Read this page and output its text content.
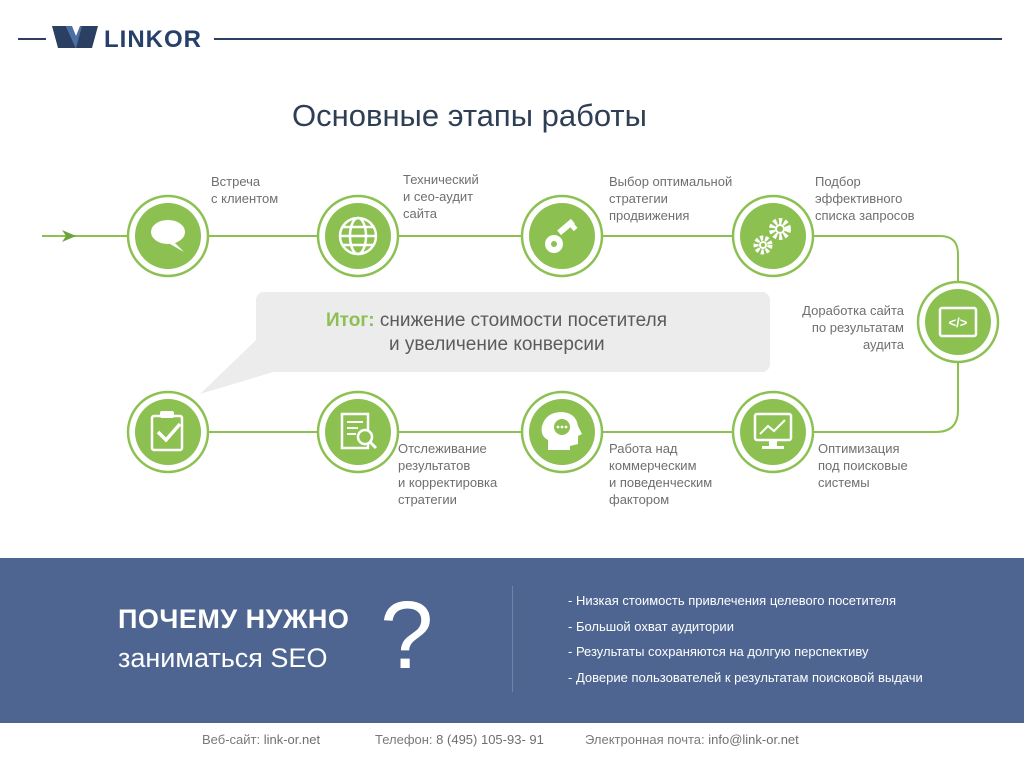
LINKOR
Основные этапы работы
</>
Итог: снижение стоимости посетителя
и увеличение конверсии
Встреча
с клиентом
Технический
и сео-аудит
сайта
Выбор оптимальной
стратегии
продвижения
Подбор
эффективного
списка запросов
Доработка сайта
по результатам
аудита
Оптимизация
под поисковые
системы
Работа над
коммерческим
и поведенческим
фактором
Отслеживание
результатов
и корректировка
стратегии
ПОЧЕМУ НУЖНО
заниматься SEO ?	- Низкая стоимость привлечения целевого посетителя
- Большой охват аудитории
- Результаты сохраняются на долгую перспективу
- Доверие пользователей к результатам поисковой выдачи
Веб-сайт: link-or.net	Телефон: 8 (495) 105-93- 91	Электронная почта: info@link-or.net
